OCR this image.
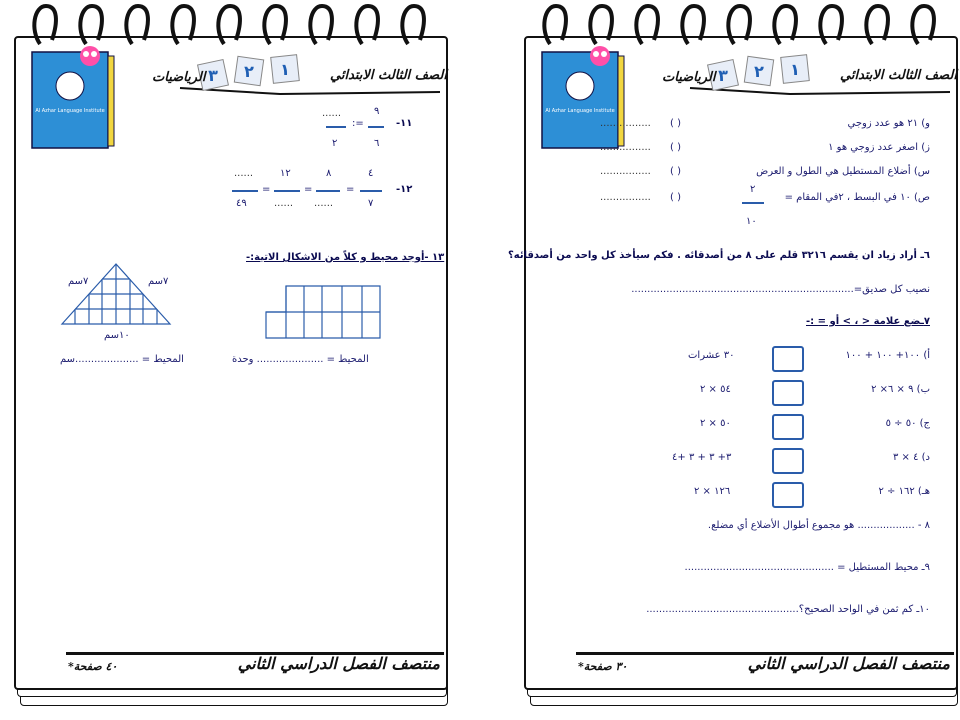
Al Azhar Language Institute
٣ ٢ ١
الرياضيات	الصف الثالث الابتدائي
١١-
٩
٦
=:
......
٢
١٢-
٤
٧
=
٨
......
=
١٢
......
=
......
٤٩
١٣ -أوجد محيط و كلاً من الاشكال الاتية:-
٧سم	٧سم
١٠سم
المحيط = ..................... وحدة
المحيط = ....................سم
منتصف الفصل الدراسي الثاني
*٤٠ صفحة
Al Azhar Language Institute
٣ ٢ ١
الرياضيات	الصف الثالث الابتدائي
و) ٢١ هو عدد زوجي
( )
................
ز) اصغر عدد زوجي هو ١
( )
................
س) أضلاع المستطيل هي الطول و العرض
( )
................
ص) ١٠ في البسط ، ٢في المقام =
( )
................
٢
١٠
٦ـ أراد زياد ان يقسم ٣٢١٦ قلم على ٨ من أصدقائه . فكم سيأخذ كل واحد من أصدقائه؟
نصيب كل صديق=......................................................................
٧ـضع علامة < ، > أو = :-
أ) ١٠٠+ ١٠٠ + ١٠٠
٣٠ عشرات
ب) ٩ × ٦× ٢
٥٤ × ٢
ج) ٥٠ ÷ ٥
٥٠ × ٢
د) ٤ × ٣
٣+ ٣ + ٣ +٤
هـ) ١٦٢ ÷ ٢
١٢٦ × ٢
٨ - .................. هو مجموع أطوال الأضلاع أي مضلع.
٩ـ محيط المستطيل = ...............................................
١٠ـ كم ثمن في الواحد الصحيح؟................................................
منتصف الفصل الدراسي الثاني
*٣٠ صفحة
